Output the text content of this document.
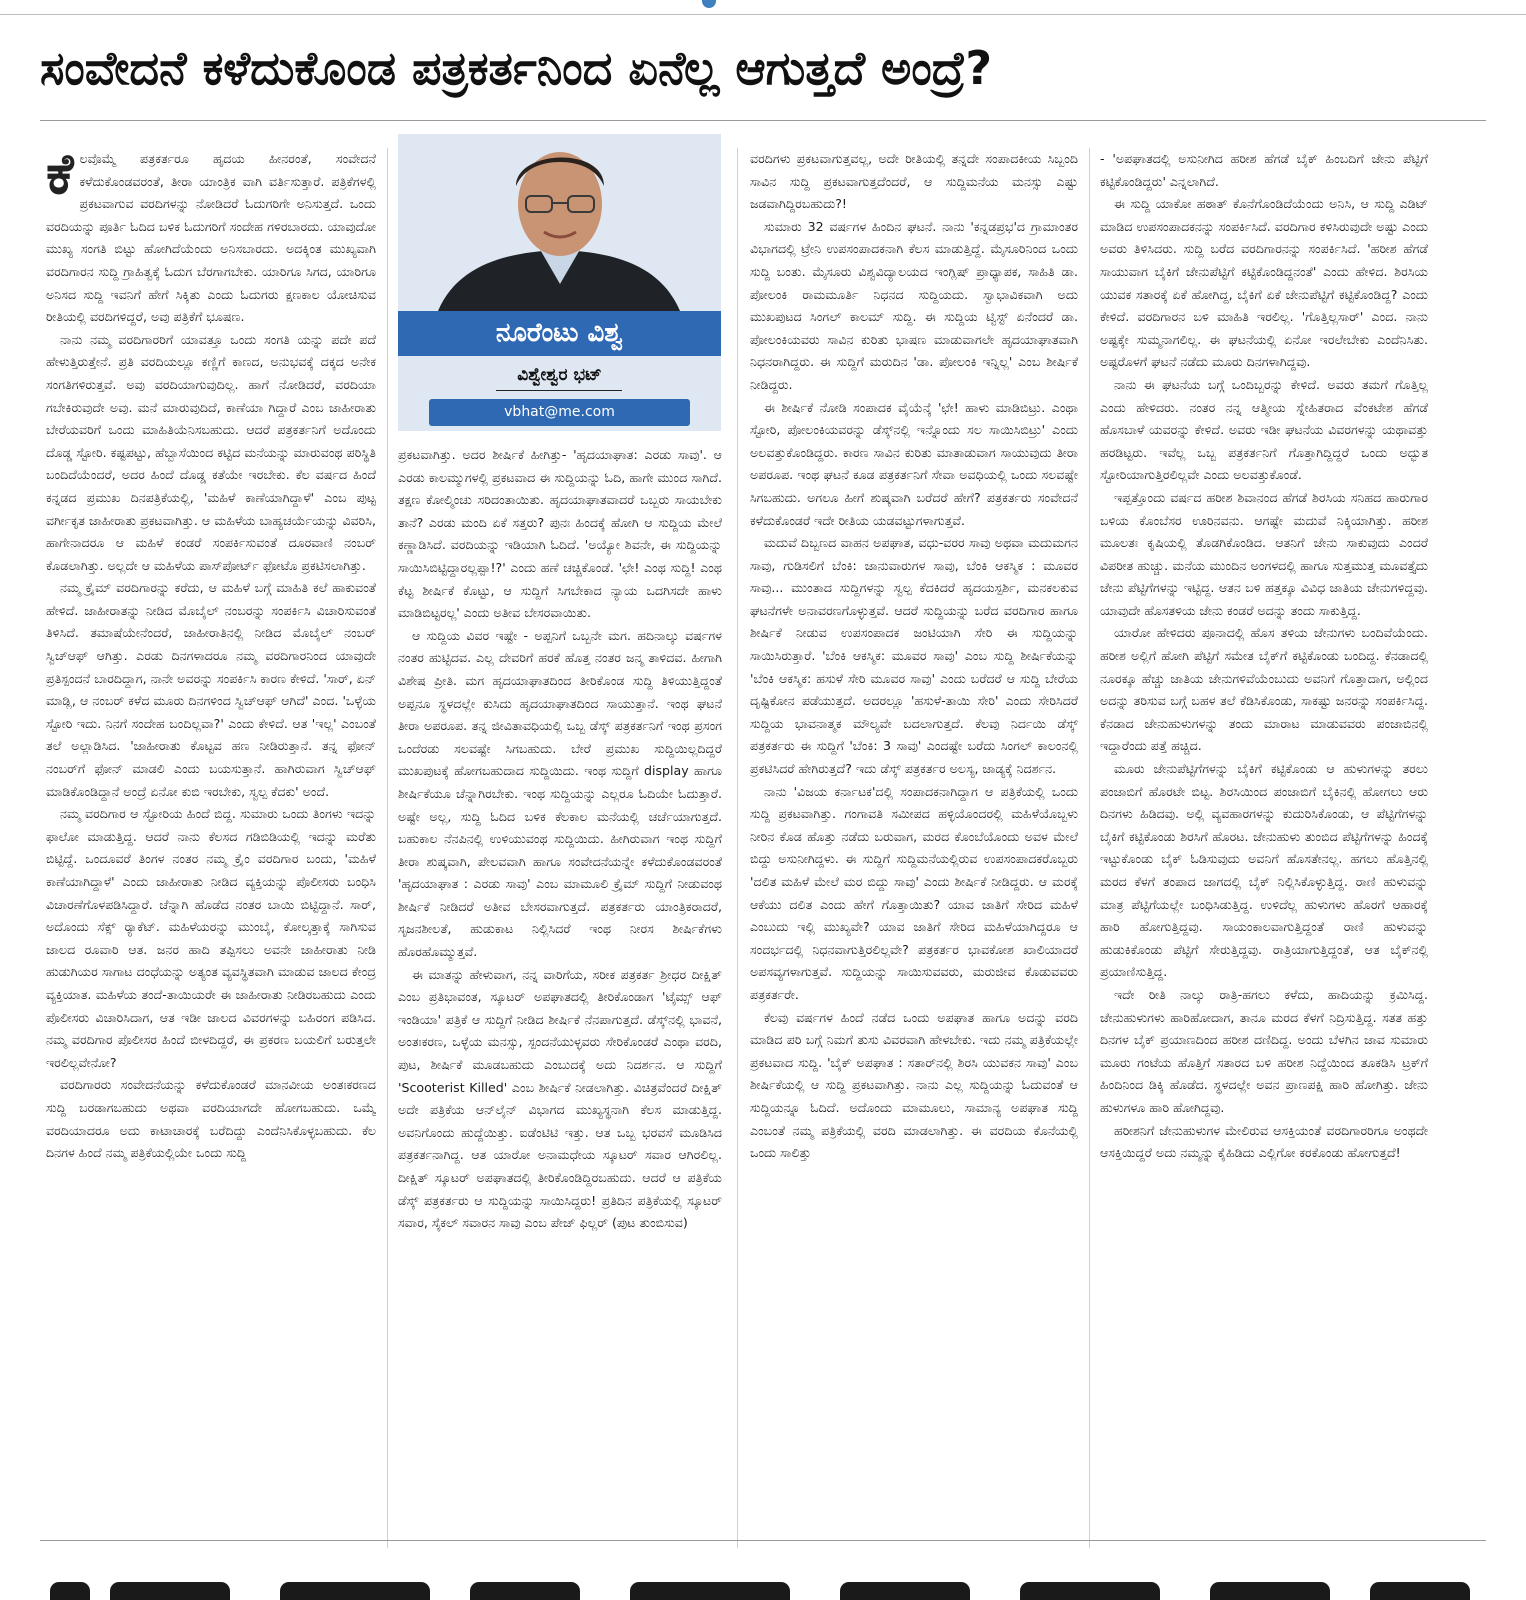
ಸಂವೇದನೆ ಕಳೆದುಕೊಂಡ ಪತ್ರಕರ್ತನಿಂದ ಏನೆಲ್ಲ ಆಗುತ್ತದೆ ಅಂದ್ರೆ?

ಕೆಲವೊಮ್ಮೆ ಪತ್ರಕರ್ತರೂ ಹೃದಯ ಹೀನರಂತೆ, ಸಂವೇದನೆ ಕಳೆದುಕೊಂಡವರಂತೆ, ತೀರಾ ಯಾಂತ್ರಿಕ ವಾಗಿ ವರ್ತಿಸುತ್ತಾರೆ. ಪತ್ರಿಕೆಗಳಲ್ಲಿ ಪ್ರಕಟವಾಗುವ ವರದಿಗಳನ್ನು ನೋಡಿದರೆ ಓದುಗರಿಗೇ ಅನಿಸುತ್ತದೆ. ಒಂದು ವರದಿಯನ್ನು ಪೂರ್ತಿ ಓದಿದ ಬಳಿಕ ಓದುಗರಿಗೆ ಸಂದೇಹ ಗಳಿರಬಾರದು. ಯಾವುದೋ ಮುಖ್ಯ ಸಂಗತಿ ಬಿಟ್ಟು ಹೋಗಿದೆಯೆಂದು ಅನಿಸಬಾರದು. ಅದಕ್ಕಿಂತ ಮುಖ್ಯವಾಗಿ ವರದಿಗಾರನ ಸುದ್ದಿ ಗ್ರಾಹಿತ್ವಕ್ಕೆ ಓದುಗ ಬೆರಗಾಗಬೇಕು. ಯಾರಿಗೂ ಸಿಗದ, ಯಾರಿಗೂ ಅನಿಸದ ಸುದ್ದಿ ಇವನಿಗೆ ಹೇಗೆ ಸಿಕ್ಕಿತು ಎಂದು ಓದುಗರು ಕ್ಷಣಕಾಲ ಯೋಚಿಸುವ ರೀತಿಯಲ್ಲಿ ವರದಿಗಳಿದ್ದರೆ, ಅವು ಪತ್ರಿಕೆಗೆ ಭೂಷಣ.

ನಾನು ನಮ್ಮ ವರದಿಗಾರರಿಗೆ ಯಾವತ್ತೂ ಒಂದು ಸಂಗತಿ ಯನ್ನು ಪದೇ ಪದೆ ಹೇಳುತ್ತಿರುತ್ತೇನೆ. ಪ್ರತಿ ವರದಿಯಲ್ಲೂ ಕಣ್ಣಿಗೆ ಕಾಣದ, ಅನುಭವಕ್ಕೆ ದಕ್ಕದ ಅನೇಕ ಸಂಗತಿಗಳಿರುತ್ತವೆ. ಅವು ವರದಿಯಾಗುವುದಿಲ್ಲ. ಹಾಗೆ ನೋಡಿದರೆ, ವರದಿಯಾ ಗಬೇಕಿರುವುದೇ ಅವು. ಮನೆ ಮಾರುವುದಿದೆ, ಕಾಣೆಯಾ ಗಿದ್ದಾರೆ ಎಂಬ ಜಾಹೀರಾತು ಬೇರೆಯವರಿಗೆ ಒಂದು ಮಾಹಿತಿಯೆನಿಸಬಹುದು. ಆದರೆ ಪತ್ರಕರ್ತನಿಗೆ ಅದೊಂದು ದೊಡ್ಡ ಸ್ಟೋರಿ. ಕಷ್ಟಪಟ್ಟು, ಹೆಬ್ಬಾಸೆಯಿಂದ ಕಟ್ಟಿದ ಮನೆಯನ್ನು ಮಾರುವಂಥ ಪರಿಸ್ಥಿತಿ ಬಂದಿದೆಯೆಂದರೆ, ಅದರ ಹಿಂದೆ ದೊಡ್ಡ ಕತೆಯೇ ಇರಬೇಕು. ಕೆಲ ವರ್ಷದ ಹಿಂದೆ ಕನ್ನಡದ ಪ್ರಮುಖ ದಿನಪತ್ರಿಕೆಯಲ್ಲಿ, 'ಮಹಿಳೆ ಕಾಣೆಯಾಗಿದ್ದಾಳೆ' ಎಂಬ ಪುಟ್ಟ ವರ್ಗೀಕೃತ ಜಾಹೀರಾತು ಪ್ರಕಟವಾಗಿತ್ತು. ಆ ಮಹಿಳೆಯ ಬಾಹ್ಯಚರ್ಯೆಯನ್ನು ವಿವರಿಸಿ, ಹಾಗೇನಾದರೂ ಆ ಮಹಿಳೆ ಕಂಡರೆ ಸಂಪರ್ಕಿಸುವಂತೆ ದೂರವಾಣಿ ನಂಬರ್ ಕೊಡಲಾಗಿತ್ತು. ಅಲ್ಲದೇ ಆ ಮಹಿಳೆಯ ಪಾಸ್‌ಪೋರ್ಟ್ ಫೋಟೊ ಪ್ರಕಟಿಸಲಾಗಿತ್ತು.

ನಮ್ಮ ಕ್ರೈಮ್ ವರದಿಗಾರನ್ನು ಕರೆದು, ಆ ಮಹಿಳೆ ಬಗ್ಗೆ ಮಾಹಿತಿ ಕಲೆ ಹಾಕುವಂತೆ ಹೇಳಿದೆ. ಜಾಹೀರಾತನ್ನು ನೀಡಿದ ಮೊಬೈಲ್ ನಂಬರನ್ನು ಸಂಪರ್ಕಿಸಿ ವಿಚಾರಿಸುವಂತೆ ತಿಳಿಸಿದೆ. ತಮಾಷೆಯೇನೆಂದರೆ, ಜಾಹೀರಾತಿನಲ್ಲಿ ನೀಡಿದ ಮೊಬೈಲ್ ನಂಬರ್ ಸ್ವಿಚ್‌ಆಫ್ ಆಗಿತ್ತು. ಎರಡು ದಿನಗಳಾದರೂ ನಮ್ಮ ವರದಿಗಾರನಿಂದ ಯಾವುದೇ ಪ್ರತಿಸ್ಪಂದನೆ ಬಾರದಿದ್ದಾಗ, ನಾನೇ ಅವರನ್ನು ಸಂಪರ್ಕಿಸಿ ಕಾರಣ ಕೇಳಿದೆ. 'ಸಾರ್, ಏನ್ ಮಾಡ್ಲಿ, ಆ ನಂಬರ್ ಕಳೆದ ಮೂರು ದಿನಗಳಿಂದ ಸ್ವಿಚ್‌ಆಫ್ ಆಗಿದೆ' ಎಂದ. 'ಒಳ್ಳೆಯ ಸ್ಟೋರಿ ಇದು. ನಿನಗೆ ಸಂದೇಹ ಬಂದಿಲ್ಲವಾ?' ಎಂದು ಕೇಳಿದೆ. ಆತ 'ಇಲ್ಲ' ಎಂಬಂತೆ ತಲೆ ಅಲ್ಲಾಡಿಸಿದ. 'ಜಾಹೀರಾತು ಕೊಟ್ಟವ ಹಣ ನೀಡಿರುತ್ತಾನೆ. ತನ್ನ ಫೋನ್ ನಂಬರ್‌ಗೆ ಫೋನ್ ಮಾಡಲಿ ಎಂದು ಬಯಸುತ್ತಾನೆ. ಹಾಗಿರುವಾಗ ಸ್ವಿಚ್‌ಆಫ್ ಮಾಡಿಕೊಂಡಿದ್ದಾನೆ ಅಂದ್ರೆ ಏನೋ ಕುಬಿ ಇರಬೇಕು, ಸ್ವಲ್ಪ ಕೆದಕು' ಅಂದೆ.

ನಮ್ಮ ವರದಿಗಾರ ಆ ಸ್ಟೋರಿಯ ಹಿಂದೆ ಬಿದ್ದ. ಸುಮಾರು ಒಂದು ತಿಂಗಳು ಇದನ್ನು ಫಾಲೋ ಮಾಡುತ್ತಿದ್ದ. ಆದರೆ ನಾನು ಕೆಲಸದ ಗಡಿಬಿಡಿಯಲ್ಲಿ ಇದನ್ನು ಮರೆತು ಬಿಟ್ಟಿದ್ದೆ. ಒಂದೂವರೆ ತಿಂಗಳ ನಂತರ ನಮ್ಮ ಕ್ರೈಂ ವರದಿಗಾರ ಬಂದು, 'ಮಹಿಳೆ ಕಾಣೆಯಾಗಿದ್ದಾಳೆ' ಎಂದು ಜಾಹೀರಾತು ನೀಡಿದ ವ್ಯಕ್ತಿಯನ್ನು ಪೊಲೀಸರು ಬಂಧಿಸಿ ವಿಚಾರಣೆಗೊಳಪಡಿಸಿದ್ದಾರೆ. ಚೆನ್ನಾಗಿ ಹೊಡೆದ ನಂತರ ಬಾಯಿ ಬಿಟ್ಟಿದ್ದಾನೆ. ಸಾರ್, ಅದೊಂದು ಸೆಕ್ಸ್ ರ‍್ಯಾಕೆಟ್. ಮಹಿಳೆಯರನ್ನು ಮುಂಬೈ, ಕೋಲ್ಕತ್ತಾಕ್ಕೆ ಸಾಗಿಸುವ ಜಾಲದ ರೂವಾರಿ ಆತ. ಜನರ ಹಾದಿ ತಪ್ಪಿಸಲು ಅವನೇ ಜಾಹೀರಾತು ನೀಡಿ ಹುಡುಗಿಯರ ಸಾಗಾಟ ದಂಧೆಯನ್ನು ಅತ್ಯಂತ ವ್ಯವಸ್ಥಿತವಾಗಿ ಮಾಡುವ ಜಾಲದ ಕೇಂದ್ರ ವ್ಯಕ್ತಿಯಾತ. ಮಹಿಳೆಯ ತಂದೆ-ತಾಯಿಯರೇ ಈ ಜಾಹೀರಾತು ನೀಡಿರಬಹುದು ಎಂದು ಪೊಲೀಸರು ವಿಚಾರಿಸಿದಾಗ, ಆತ ಇಡೀ ಜಾಲದ ವಿವರಗಳನ್ನು ಬಹಿರಂಗ ಪಡಿಸಿದ. ನಮ್ಮ ವರದಿಗಾರ ಪೊಲೀಸರ ಹಿಂದೆ ಬೀಳದಿದ್ದರೆ, ಈ ಪ್ರಕರಣ ಬಯಲಿಗೆ ಬರುತ್ತಲೇ ಇರಲಿಲ್ಲವೇನೋ?

ವರದಿಗಾರರು ಸಂವೇದನೆಯನ್ನು ಕಳೆದುಕೊಂಡರೆ ಮಾನವೀಯ ಅಂತಃಕರಣದ ಸುದ್ದಿ ಬರಡಾಗಬಹುದು ಅಥವಾ ವರದಿಯಾಗದೇ ಹೋಗಬಹುದು. ಒಮ್ಮೆ ವರದಿಯಾದರೂ ಅದು ಕಾಟಾಚಾರಕ್ಕೆ ಬರೆದಿದ್ದು ಎಂದೆನಿಸಿಕೊಳ್ಳಬಹುದು. ಕೆಲ ದಿನಗಳ ಹಿಂದೆ ನಮ್ಮ ಪತ್ರಿಕೆಯಲ್ಲಿಯೇ ಒಂದು ಸುದ್ದಿ

ನೂರೆಂಟು ವಿಶ್ವ
ವಿಶ್ವೇಶ್ವರ ಭಟ್
vbhat@me.com

ಪ್ರಕಟವಾಗಿತ್ತು. ಅದರ ಶೀರ್ಷಿಕೆ ಹೀಗಿತ್ತು- 'ಹೃದಯಾಘಾತ: ಎರಡು ಸಾವು'. ಆ ಎರಡು ಕಾಲಮ್ಮುಗಳಲ್ಲಿ ಪ್ರಕಟವಾದ ಈ ಸುದ್ದಿಯನ್ನು ಓದಿ, ಹಾಗೇ ಮುಂದ ಸಾಗಿದೆ. ತಕ್ಷಣ ಕೋಲ್ಮಿಂಚು ಸರಿದಂತಾಯಿತು. ಹೃದಯಾಘಾತವಾದರೆ ಒಬ್ಬರು ಸಾಯಬೇಕು ತಾನೆ? ಎರಡು ಮಂದಿ ಏಕೆ ಸತ್ತರು? ಪುನಃ ಹಿಂದಕ್ಕೆ ಹೋಗಿ ಆ ಸುದ್ದಿಯ ಮೇಲೆ ಕಣ್ಣಾಡಿಸಿದೆ. ವರದಿಯನ್ನು ಇಡಿಯಾಗಿ ಓದಿದೆ. 'ಅಯ್ಯೋ ಶಿವನೇ, ಈ ಸುದ್ದಿಯನ್ನು ಸಾಯಿಸಿಬಿಟ್ಟಿದ್ದಾರಲ್ಲಪ್ಪಾ!?' ಎಂದು ಹಣೆ ಚಚ್ಚಿಕೊಂಡೆ. 'ಛೇ! ಎಂಥ ಸುದ್ದಿ! ಎಂಥ ಕೆಟ್ಟ ಶೀರ್ಷಿಕೆ ಕೊಟ್ಟು, ಆ ಸುದ್ದಿಗೆ ಸಿಗಬೇಕಾದ ನ್ಯಾಯ ಒದಗಿಸದೇ ಹಾಳು ಮಾಡಿಬಿಟ್ಟರಲ್ಲ' ಎಂದು ಅತೀವ ಬೇಸರವಾಯಿತು.

ಆ ಸುದ್ದಿಯ ವಿವರ ಇಷ್ಟೇ - ಅಪ್ಪನಿಗೆ ಒಬ್ಬನೇ ಮಗ. ಹದಿನಾಲ್ಕು ವರ್ಷಗಳ ನಂತರ ಹುಟ್ಟಿದವ. ಎಲ್ಲ ದೇವರಿಗೆ ಹರಕೆ ಹೊತ್ತ ನಂತರ ಜನ್ಮ ತಾಳಿದವ. ಹೀಗಾಗಿ ವಿಶೇಷ ಪ್ರೀತಿ. ಮಗ ಹೃದಯಾಘಾತದಿಂದ ತೀರಿಕೊಂಡ ಸುದ್ದಿ ತಿಳಿಯುತ್ತಿದ್ದಂತೆ ಅಪ್ಪನೂ ಸ್ಥಳದಲ್ಲೇ ಕುಸಿದು ಹೃದಯಾಘಾತದಿಂದ ಸಾಯುತ್ತಾನೆ. ಇಂಥ ಘಟನೆ ತೀರಾ ಅಪರೂಪ. ತನ್ನ ಜೀವಿತಾವಧಿಯಲ್ಲಿ ಒಬ್ಬ ಡೆಸ್ಕ್ ಪತ್ರಕರ್ತನಿಗೆ ಇಂಥ ಪ್ರಸಂಗ ಒಂದೆರಡು ಸಲವಷ್ಟೇ ಸಿಗಬಹುದು. ಬೇರೆ ಪ್ರಮುಖ ಸುದ್ದಿಯಿಲ್ಲದಿದ್ದರೆ ಮುಖಪುಟಕ್ಕೆ ಹೋಗಬಹುದಾದ ಸುದ್ದಿಯಿದು. ಇಂಥ ಸುದ್ದಿಗೆ display ಹಾಗೂ ಶೀರ್ಷಿಕೆಯೂ ಚೆನ್ನಾಗಿರಬೇಕು. ಇಂಥ ಸುದ್ದಿಯನ್ನು ಎಲ್ಲರೂ ಓದಿಯೇ ಓದುತ್ತಾರೆ. ಅಷ್ಟೇ ಅಲ್ಲ, ಸುದ್ದಿ ಓದಿದ ಬಳಿಕ ಕೆಲಕಾಲ ಮನೆಯಲ್ಲಿ ಚರ್ಚೆಯಾಗುತ್ತದೆ. ಬಹುಕಾಲ ನೆನಪಿನಲ್ಲಿ ಉಳಿಯುವಂಥ ಸುದ್ದಿಯಿದು. ಹೀಗಿರುವಾಗ ಇಂಥ ಸುದ್ದಿಗೆ ತೀರಾ ಶುಷ್ಕವಾಗಿ, ಪೇಲವವಾಗಿ ಹಾಗೂ ಸಂವೇದನೆಯನ್ನೇ ಕಳೆದುಕೊಂಡವರಂತೆ 'ಹೃದಯಾಘಾತ : ಎರಡು ಸಾವು' ಎಂಬ ಮಾಮೂಲಿ ಕ್ರೈಮ್ ಸುದ್ದಿಗೆ ನೀಡುವಂಥ ಶೀರ್ಷಿಕೆ ನೀಡಿದರೆ ಅತೀವ ಬೇಸರವಾಗುತ್ತದೆ. ಪತ್ರಕರ್ತರು ಯಾಂತ್ರಿಕರಾದರೆ, ಸೃಜನಶೀಲತೆ, ಹುಡುಕಾಟ ನಿಲ್ಲಿಸಿದರೆ ಇಂಥ ನೀರಸ ಶೀರ್ಷಿಕೆಗಳು ಹೊರಹೊಮ್ಮುತ್ತವೆ.

ಈ ಮಾತನ್ನು ಹೇಳುವಾಗ, ನನ್ನ ವಾರಿಗೆಯ, ಸರೀಕ ಪತ್ರಕರ್ತ ಶ್ರೀಧರ ದೀಕ್ಷಿತ್ ಎಂಬ ಪ್ರತಿಭಾವಂತ, ಸ್ಕೂಟರ್ ಅಪಘಾತದಲ್ಲಿ ತೀರಿಕೊಂಡಾಗ 'ಟೈಮ್ಸ್ ಆಫ್ ಇಂಡಿಯಾ' ಪತ್ರಿಕೆ ಆ ಸುದ್ದಿಗೆ ನೀಡಿದ ಶೀರ್ಷಿಕೆ ನೆನಪಾಗುತ್ತದೆ. ಡೆಸ್ಕ್‌ನಲ್ಲಿ ಭಾವನೆ, ಅಂತಃಕರಣ, ಒಳ್ಳೆಯ ಮನಸ್ಸು, ಸ್ಪಂದನೆಯುಳ್ಳವರು ಸೇರಿಕೊಂಡರೆ ಎಂಥಾ ವರದಿ, ಪುಟ, ಶೀರ್ಷಿಕೆ ಮೂಡಬಹುದು ಎಂಬುದಕ್ಕೆ ಅದು ನಿದರ್ಶನ. ಆ ಸುದ್ದಿಗೆ 'Scooterist Killed' ಎಂಬ ಶೀರ್ಷಿಕೆ ನೀಡಲಾಗಿತ್ತು. ವಿಚಿತ್ರವೆಂದರೆ ದೀಕ್ಷಿತ್ ಅದೇ ಪತ್ರಿಕೆಯ ಆನ್‌ಲೈನ್ ವಿಭಾಗದ ಮುಖ್ಯಸ್ಥನಾಗಿ ಕೆಲಸ ಮಾಡುತ್ತಿದ್ದ. ಅವನಿಗೊಂದು ಹುದ್ದೆಯಿತ್ತು. ಐಡೆಂಟಿಟಿ ಇತ್ತು. ಆತ ಒಬ್ಬ ಭರವಸೆ ಮೂಡಿಸಿದ ಪತ್ರಕರ್ತನಾಗಿದ್ದ. ಆತ ಯಾರೋ ಅನಾಮಧೇಯ ಸ್ಕೂಟರ್ ಸವಾರ ಆಗಿರಲಿಲ್ಲ. ದೀಕ್ಷಿತ್ ಸ್ಕೂಟರ್ ಅಪಘಾತದಲ್ಲಿ ತೀರಿಕೊಂಡಿದ್ದಿರಬಹುದು. ಆದರೆ ಆ ಪತ್ರಿಕೆಯ ಡೆಸ್ಕ್ ಪತ್ರಕರ್ತರು ಆ ಸುದ್ದಿಯನ್ನು ಸಾಯಿಸಿದ್ದರು! ಪ್ರತಿದಿನ ಪತ್ರಿಕೆಯಲ್ಲಿ ಸ್ಕೂಟರ್ ಸವಾರ, ಸೈಕಲ್ ಸವಾರನ ಸಾವು ಎಂಬ ಪೇಜ್ ಫಿಲ್ಲರ್ (ಪುಟ ತುಂಬಿಸುವ)

ವರದಿಗಳು ಪ್ರಕಟವಾಗುತ್ತವಲ್ಲ, ಅದೇ ರೀತಿಯಲ್ಲಿ ತನ್ನದೇ ಸಂಪಾದಕೀಯ ಸಿಬ್ಬಂದಿ ಸಾವಿನ ಸುದ್ದಿ ಪ್ರಕಟವಾಗುತ್ತದೆಂದರೆ, ಆ ಸುದ್ದಿಮನೆಯ ಮನಸ್ಸು ಎಷ್ಟು ಜಡವಾಗಿದ್ದಿರಬಹುದು?!

ಸುಮಾರು 32 ವರ್ಷಗಳ ಹಿಂದಿನ ಘಟನೆ. ನಾನು 'ಕನ್ನಡಪ್ರಭ'ದ ಗ್ರಾಮಾಂತರ ವಿಭಾಗದಲ್ಲಿ ಟ್ರೇನಿ ಉಪಸಂಪಾದಕನಾಗಿ ಕೆಲಸ ಮಾಡುತ್ತಿದ್ದೆ. ಮೈಸೂರಿನಿಂದ ಒಂದು ಸುದ್ದಿ ಬಂತು. ಮೈಸೂರು ವಿಶ್ವವಿದ್ಯಾಲಯದ ಇಂಗ್ಲಿಷ್ ಪ್ರಾಧ್ಯಾಪಕ, ಸಾಹಿತಿ ಡಾ. ಪೋಲಂಕಿ ರಾಮಮೂರ್ತಿ ನಿಧನದ ಸುದ್ದಿಯದು. ಸ್ವಾಭಾವಿಕವಾಗಿ ಅದು ಮುಖಪುಟದ ಸಿಂಗಲ್ ಕಾಲಮ್ ಸುದ್ದಿ. ಈ ಸುದ್ದಿಯ ಟ್ವಿಸ್ಟ್ ಏನೆಂದರೆ ಡಾ. ಪೋಲಂಕಿಯವರು ಸಾವಿನ ಕುರಿತು ಭಾಷಣ ಮಾಡುವಾಗಲೇ ಹೃದಯಾಘಾತವಾಗಿ ನಿಧನರಾಗಿದ್ದರು. ಈ ಸುದ್ದಿಗೆ ಮರುದಿನ 'ಡಾ. ಪೋಲಂಕಿ ಇನ್ನಿಲ್ಲ' ಎಂಬ ಶೀರ್ಷಿಕೆ ನೀಡಿದ್ದರು.

ಈ ಶೀರ್ಷಿಕೆ ನೋಡಿ ಸಂಪಾದಕ ವೈಯೆನ್ಕೆ 'ಛೇ! ಹಾಳು ಮಾಡಿಬಿಟ್ರು. ಎಂಥಾ ಸ್ಟೋರಿ, ಪೋಲಂಕಿಯವರನ್ನು ಡೆಸ್ಕ್‌ನಲ್ಲಿ ಇನ್ನೊಂದು ಸಲ ಸಾಯಿಸಿಬಿಟ್ರು' ಎಂದು ಅಲವತ್ತುಕೊಂಡಿದ್ದರು. ಕಾರಣ ಸಾವಿನ ಕುರಿತು ಮಾತಾಡುವಾಗ ಸಾಯುವುದು ತೀರಾ ಅಪರೂಪ. ಇಂಥ ಘಟನೆ ಕೂಡ ಪತ್ರಕರ್ತನಿಗೆ ಸೇವಾ ಅವಧಿಯಲ್ಲಿ ಒಂದು ಸಲವಷ್ಟೇ ಸಿಗಬಹುದು. ಅಗಲೂ ಹೀಗೆ ಶುಷ್ಕವಾಗಿ ಬರೆದರೆ ಹೇಗೆ? ಪತ್ರಕರ್ತರು ಸಂವೇದನೆ ಕಳೆದುಕೊಂಡರೆ ಇದೇ ರೀತಿಯ ಯಡವಟ್ಟುಗಳಾಗುತ್ತವೆ.

ಮದುವೆ ದಿಬ್ಬಣದ ವಾಹನ ಅಪಘಾತ, ವಧು-ವರರ ಸಾವು ಅಥವಾ ಮದುಮಗನ ಸಾವು, ಗುಡಿಸಲಿಗೆ ಬೆಂಕಿ: ಜಾನುವಾರುಗಳ ಸಾವು, ಬೆಂಕಿ ಆಕಸ್ಮಿಕ : ಮೂವರ ಸಾವು... ಮುಂತಾದ ಸುದ್ದಿಗಳನ್ನು ಸ್ವಲ್ಪ ಕೆದಕಿದರೆ ಹೃದಯಸ್ಪರ್ಶಿ, ಮನಕಲಕುವ ಘಟನೆಗಳೇ ಅನಾವರಣಗೊಳ್ಳುತ್ತವೆ. ಆದರೆ ಸುದ್ದಿಯನ್ನು ಬರೆದ ವರದಿಗಾರ ಹಾಗೂ ಶೀರ್ಷಿಕೆ ನೀಡುವ ಉಪಸಂಪಾದಕ ಜಂಟಿಯಾಗಿ ಸೇರಿ ಈ ಸುದ್ದಿಯನ್ನು ಸಾಯಿಸಿರುತ್ತಾರೆ. 'ಬೆಂಕಿ ಆಕಸ್ಮಿಕ: ಮೂವರ ಸಾವು' ಎಂಬ ಸುದ್ದಿ ಶೀರ್ಷಿಕೆಯನ್ನು 'ಬೆಂಕಿ ಆಕಸ್ಮಿಕ: ಹಸುಳೆ ಸೇರಿ ಮೂವರ ಸಾವು' ಎಂದು ಬರೆದರೆ ಆ ಸುದ್ದಿ ಬೇರೆಯ ದೃಷ್ಟಿಕೋನ ಪಡೆಯುತ್ತದೆ. ಅದರಲ್ಲೂ 'ಹಸುಳೆ-ತಾಯಿ ಸೇರಿ' ಎಂದು ಸೇರಿಸಿದರೆ ಸುದ್ದಿಯ ಭಾವನಾತ್ಮಕ ಮೌಲ್ಯವೇ ಬದಲಾಗುತ್ತದೆ. ಕೆಲವು ನಿರ್ದಯಿ ಡೆಸ್ಕ್ ಪತ್ರಕರ್ತರು ಈ ಸುದ್ದಿಗೆ 'ಬೆಂಕಿ: 3 ಸಾವು' ಎಂದಷ್ಟೇ ಬರೆದು ಸಿಂಗಲ್ ಕಾಲಂನಲ್ಲಿ ಪ್ರಕಟಿಸಿದರೆ ಹೇಗಿರುತ್ತದೆ? ಇದು ಡೆಸ್ಕ್ ಪತ್ರಕರ್ತರ ಅಲಸ್ಯ, ಜಾಡ್ಯಕ್ಕೆ ನಿದರ್ಶನ.

ನಾನು 'ವಿಜಯ ಕರ್ನಾಟಕ'ದಲ್ಲಿ ಸಂಪಾದಕನಾಗಿದ್ದಾಗ ಆ ಪತ್ರಿಕೆಯಲ್ಲಿ ಒಂದು ಸುದ್ದಿ ಪ್ರಕಟವಾಗಿತ್ತು. ಗಂಗಾವತಿ ಸಮೀಪದ ಹಳ್ಳಿಯೊಂದರಲ್ಲಿ ಮಹಿಳೆಯೊಬ್ಬಳು ನೀರಿನ ಕೊಡ ಹೊತ್ತು ನಡೆದು ಬರುವಾಗ, ಮರದ ಕೊಂಬೆಯೊಂದು ಅವಳ ಮೇಲೆ ಬಿದ್ದು ಅಸುನೀಗಿದ್ದಳು. ಈ ಸುದ್ದಿಗೆ ಸುದ್ದಿಮನೆಯಲ್ಲಿರುವ ಉಪಸಂಪಾದಕರೊಬ್ಬರು 'ದಲಿತ ಮಹಿಳೆ ಮೇಲೆ ಮರ ಬಿದ್ದು ಸಾವು' ಎಂದು ಶೀರ್ಷಿಕೆ ನೀಡಿದ್ದರು. ಆ ಮರಕ್ಕೆ ಆಕೆಯು ದಲಿತ ಎಂದು ಹೇಗೆ ಗೊತ್ತಾಯಿತು? ಯಾವ ಜಾತಿಗೆ ಸೇರಿದ ಮಹಿಳೆ ಎಂಬುದು ಇಲ್ಲಿ ಮುಖ್ಯವೇ? ಯಾವ ಜಾತಿಗೆ ಸೇರಿದ ಮಹಿಳೆಯಾಗಿದ್ದರೂ ಆ ಸಂದರ್ಭದಲ್ಲಿ ನಿಧನವಾಗುತ್ತಿರಲಿಲ್ಲವೇ? ಪತ್ರಕರ್ತರ ಭಾವಕೋಶ ಖಾಲಿಯಾದರೆ ಅಪಸವ್ಯಗಳಾಗುತ್ತವೆ. ಸುದ್ದಿಯನ್ನು ಸಾಯಿಸುವವರು, ಮರುಜೀವ ಕೊಡುವವರು ಪತ್ರಕರ್ತರೇ.

ಕೆಲವು ವರ್ಷಗಳ ಹಿಂದೆ ನಡೆದ ಒಂದು ಅಪಘಾತ ಹಾಗೂ ಅದನ್ನು ವರದಿ ಮಾಡಿದ ಪರಿ ಬಗ್ಗೆ ನಿಮಗೆ ತುಸು ವಿವರವಾಗಿ ಹೇಳಬೇಕು. ಇದು ನಮ್ಮ ಪತ್ರಿಕೆಯಲ್ಲೇ ಪ್ರಕಟವಾದ ಸುದ್ದಿ. 'ಬೈಕ್ ಅಪಘಾತ : ಸತಾರ್‌ನಲ್ಲಿ ಶಿರಸಿ ಯುವಕನ ಸಾವು' ಎಂಬ ಶೀರ್ಷಿಕೆಯಲ್ಲಿ ಆ ಸುದ್ದಿ ಪ್ರಕಟವಾಗಿತ್ತು. ನಾನು ಎಲ್ಲ ಸುದ್ದಿಯನ್ನು ಓದುವಂತೆ ಆ ಸುದ್ದಿಯನ್ನೂ ಓದಿದೆ. ಅದೊಂದು ಮಾಮೂಲು, ಸಾಮಾನ್ಯ ಅಪಘಾತ ಸುದ್ದಿ ಎಂಬಂತೆ ನಮ್ಮ ಪತ್ರಿಕೆಯಲ್ಲಿ ವರದಿ ಮಾಡಲಾಗಿತ್ತು. ಈ ವರದಿಯ ಕೊನೆಯಲ್ಲಿ ಒಂದು ಸಾಲಿತ್ತು

- 'ಅಪಘಾತದಲ್ಲಿ ಅಸುನೀಗಿದ ಹರೀಶ ಹೆಗಡೆ ಬೈಕ್ ಹಿಂಬದಿಗೆ ಜೇನು ಪೆಟ್ಟಿಗೆ ಕಟ್ಟಿಕೊಂಡಿದ್ದರು' ಎನ್ನಲಾಗಿದೆ.

ಈ ಸುದ್ದಿ ಯಾಕೋ ಹಠಾತ್ ಕೊನೆಗೊಂಡಿದೆಯೆಂದು ಅನಿಸಿ, ಆ ಸುದ್ದಿ ಎಡಿಟ್ ಮಾಡಿದ ಉಪಸಂಪಾದಕನನ್ನು ಸಂಪರ್ಕಿಸಿದೆ. ವರದಿಗಾರ ಕಳಿಸಿರುವುದೇ ಅಷ್ಟು ಎಂದು ಅವರು ತಿಳಿಸಿದರು. ಸುದ್ದಿ ಬರೆದ ವರದಿಗಾರನನ್ನು ಸಂಪರ್ಕಿಸಿದೆ. 'ಹರೀಶ ಹೆಗಡೆ ಸಾಯುವಾಗ ಬೈಕಿಗೆ ಜೇನುಪೆಟ್ಟಿಗೆ ಕಟ್ಟಿಕೊಂಡಿದ್ದನಂತೆ' ಎಂದು ಹೇಳಿದ. ಶಿರಸಿಯ ಯುವಕ ಸತಾರಕ್ಕೆ ಏಕೆ ಹೋಗಿದ್ದ, ಬೈಕಿಗೆ ಏಕೆ ಜೇನುಪೆಟ್ಟಿಗೆ ಕಟ್ಟಿಕೊಂಡಿದ್ದ? ಎಂದು ಕೇಳಿದೆ. ವರದಿಗಾರನ ಬಳಿ ಮಾಹಿತಿ ಇರಲಿಲ್ಲ. 'ಗೊತ್ತಿಲ್ಲಸಾರ್' ಎಂದ. ನಾನು ಅಷ್ಟಕ್ಕೇ ಸುಮ್ಮನಾಗಲಿಲ್ಲ. ಈ ಘಟನೆಯಲ್ಲಿ ಏನೋ ಇರಲೇಬೇಕು ಎಂದೆನಿಸಿತು. ಅಷ್ಟರೊಳಗೆ ಘಟನೆ ನಡೆದು ಮೂರು ದಿನಗಳಾಗಿದ್ದವು.

ನಾನು ಈ ಘಟನೆಯ ಬಗ್ಗೆ ಒಂದಿಬ್ಬರನ್ನು ಕೇಳಿದೆ. ಅವರು ತಮಗೆ ಗೊತ್ತಿಲ್ಲ ಎಂದು ಹೇಳಿದರು. ನಂತರ ನನ್ನ ಆತ್ಮೀಯ ಸ್ನೇಹಿತರಾದ ವೆಂಕಟೇಶ ಹೆಗಡೆ ಹೊಸಬಾಳೆ ಯವರನ್ನು ಕೇಳಿದೆ. ಅವರು ಇಡೀ ಘಟನೆಯ ವಿವರಗಳನ್ನು ಯಥಾವತ್ತು ಹರಡಿಟ್ಟರು. ಇವೆಲ್ಲ ಒಬ್ಬ ಪತ್ರಕರ್ತನಿಗೆ ಗೊತ್ತಾಗಿದ್ದಿದ್ದರೆ ಒಂದು ಅದ್ಭುತ ಸ್ಟೋರಿಯಾಗುತ್ತಿರಲಿಲ್ಲವೇ ಎಂದು ಅಲವತ್ತುಕೊಂಡೆ.

ಇಪ್ಪತ್ತೊಂದು ವರ್ಷದ ಹರೀಶ ಶಿವಾನಂದ ಹೆಗಡೆ ಶಿರಸಿಯ ಸನಿಹದ ಹಾರುಗಾರ ಬಳಿಯ ಕೊಂಬೆಸರ ಊರಿನವನು. ಆಗಷ್ಟೇ ಮದುವೆ ನಿಕ್ಕಿಯಾಗಿತ್ತು. ಹರೀಶ ಮೂಲತಃ ಕೃಷಿಯಲ್ಲಿ ತೊಡಗಿಕೊಂಡಿದ. ಆತನಿಗೆ ಜೇನು ಸಾಕುವುದು ಎಂದರೆ ವಿಪರೀತ ಹುಚ್ಚು. ಮನೆಯ ಮುಂದಿನ ಅಂಗಳದಲ್ಲಿ ಹಾಗೂ ಸುತ್ತಮುತ್ತ ಮೂವತ್ತೈದು ಜೇನು ಪೆಟ್ಟಿಗೆಗಳನ್ನು ಇಟ್ಟಿದ್ದ. ಆತನ ಬಳಿ ಹತ್ತಕ್ಕೂ ವಿವಿಧ ಜಾತಿಯ ಜೇನುಗಳಿದ್ದವು. ಯಾವುದೇ ಹೊಸತಳಿಯ ಜೇನು ಕಂಡರೆ ಅದನ್ನು ತಂದು ಸಾಕುತ್ತಿದ್ದ.

ಯಾರೋ ಹೇಳಿದರು ಪೂನಾದಲ್ಲಿ ಹೊಸ ತಳಿಯ ಜೇನುಗಳು ಬಂದಿವೆಯೆಂದು. ಹರೀಶ ಅಲ್ಲಿಗೆ ಹೋಗಿ ಪೆಟ್ಟಿಗೆ ಸಮೇತ ಬೈಕ್‌ಗೆ ಕಟ್ಟಿಕೊಂಡು ಬಂದಿದ್ದ. ಕೆನಡಾದಲ್ಲಿ ನೂರಕ್ಕೂ ಹೆಚ್ಚು ಜಾತಿಯ ಜೇನುಗಳಿವೆಯೆಂಬುದು ಅವನಿಗೆ ಗೊತ್ತಾದಾಗ, ಅಲ್ಲಿಂದ ಅದನ್ನು ತರಿಸುವ ಬಗ್ಗೆ ಬಹಳ ತಲೆ ಕೆಡಿಸಿಕೊಂಡು, ಸಾಕಷ್ಟು ಜನರನ್ನು ಸಂಪರ್ಕಿಸಿದ್ದ. ಕೆನಡಾದ ಜೇನುಹುಳುಗಳನ್ನು ತಂದು ಮಾರಾಟ ಮಾಡುವವರು ಪಂಜಾಬಿನಲ್ಲಿ ಇದ್ದಾರೆಂದು ಪತ್ತೆ ಹಚ್ಚಿದ.

ಮೂರು ಜೇನುಪೆಟ್ಟಿಗೆಗಳನ್ನು ಬೈಕಿಗೆ ಕಟ್ಟಿಕೊಂಡು ಆ ಹುಳುಗಳನ್ನು ತರಲು ಪಂಜಾಬಿಗೆ ಹೊರಟೇ ಬಿಟ್ಟ. ಶಿರಸಿಯಿಂದ ಪಂಜಾಬಿಗೆ ಬೈಕಿನಲ್ಲಿ ಹೋಗಲು ಆರು ದಿನಗಳು ಹಿಡಿದವು. ಅಲ್ಲಿ ವ್ಯವಹಾರಗಳನ್ನು ಕುದುರಿಸಿಕೊಂಡು, ಆ ಪೆಟ್ಟಿಗೆಗಳನ್ನು ಬೈಕಿಗೆ ಕಟ್ಟಿಕೊಂಡು ಶಿರಸಿಗೆ ಹೊರಟ. ಜೇನುಹುಳು ತುಂಬಿದ ಪೆಟ್ಟಿಗೆಗಳನ್ನು ಹಿಂದಕ್ಕೆ ಇಟ್ಟುಕೊಂಡು ಬೈಕ್ ಓಡಿಸುವುದು ಅವನಿಗೆ ಹೊಸತೇನಲ್ಲ. ಹಗಲು ಹೊತ್ತಿನಲ್ಲಿ ಮರದ ಕೆಳಗೆ ತಂಪಾದ ಜಾಗದಲ್ಲಿ ಬೈಕ್ ನಿಲ್ಲಿಸಿಕೊಳ್ಳುತ್ತಿದ್ದ. ರಾಣಿ ಹುಳುವನ್ನು ಮಾತ್ರ ಪೆಟ್ಟಿಗೆಯಲ್ಲೇ ಬಂಧಿಸಿಡುತ್ತಿದ್ದ. ಉಳಿದೆಲ್ಲ ಹುಳುಗಳು ಹೊರಗೆ ಆಹಾರಕ್ಕೆ ಹಾರಿ ಹೋಗುತ್ತಿದ್ದವು. ಸಾಯಂಕಾಲವಾಗುತ್ತಿದ್ದಂತೆ ರಾಣಿ ಹುಳುವನ್ನು ಹುಡುಕಿಕೊಂಡು ಪೆಟ್ಟಿಗೆ ಸೇರುತ್ತಿದ್ದವು. ರಾತ್ರಿಯಾಗುತ್ತಿದ್ದಂತೆ, ಆತ ಬೈಕ್‌ನಲ್ಲಿ ಪ್ರಯಾಣಿಸುತ್ತಿದ್ದ.

ಇದೇ ರೀತಿ ನಾಲ್ಕು ರಾತ್ರಿ-ಹಗಲು ಕಳೆದು, ಹಾದಿಯನ್ನು ಕ್ರಮಿಸಿದ್ದ. ಜೇನುಹುಳುಗಳು ಹಾರಿಹೋದಾಗ, ತಾನೂ ಮರದ ಕೆಳಗೆ ನಿದ್ರಿಸುತ್ತಿದ್ದ. ಸತತ ಹತ್ತು ದಿನಗಳ ಬೈಕ್ ಪ್ರಯಾಣದಿಂದ ಹರೀಶ ದಣಿದಿದ್ದ. ಅಂದು ಬೆಳಗಿನ ಜಾವ ಸುಮಾರು ಮೂರು ಗಂಟೆಯ ಹೊತ್ತಿಗೆ ಸತಾರದ ಬಳಿ ಹರೀಶ ನಿದ್ದೆಯಿಂದ ತೂಕಡಿಸಿ ಟ್ರಕ್‌ಗೆ ಹಿಂದಿನಿಂದ ಡಿಕ್ಕಿ ಹೊಡೆದ. ಸ್ಥಳದಲ್ಲೇ ಅವನ ಪ್ರಾಣಪಕ್ಷಿ ಹಾರಿ ಹೋಗಿತ್ತು. ಜೇನು ಹುಳುಗಳೂ ಹಾರಿ ಹೋಗಿದ್ದವು.

ಹರೀಶನಿಗೆ ಜೇನುಹುಳುಗಳ ಮೇಲಿರುವ ಆಸಕ್ತಿಯಂತೆ ವರದಿಗಾರರಿಗೂ ಅಂಥದೇ ಆಸಕ್ತಿಯಿದ್ದರೆ ಅದು ನಮ್ಮನ್ನು ಕೈಹಿಡಿದು ಎಲ್ಲಿಗೋ ಕರಕೊಂಡು ಹೋಗುತ್ತದೆ!
